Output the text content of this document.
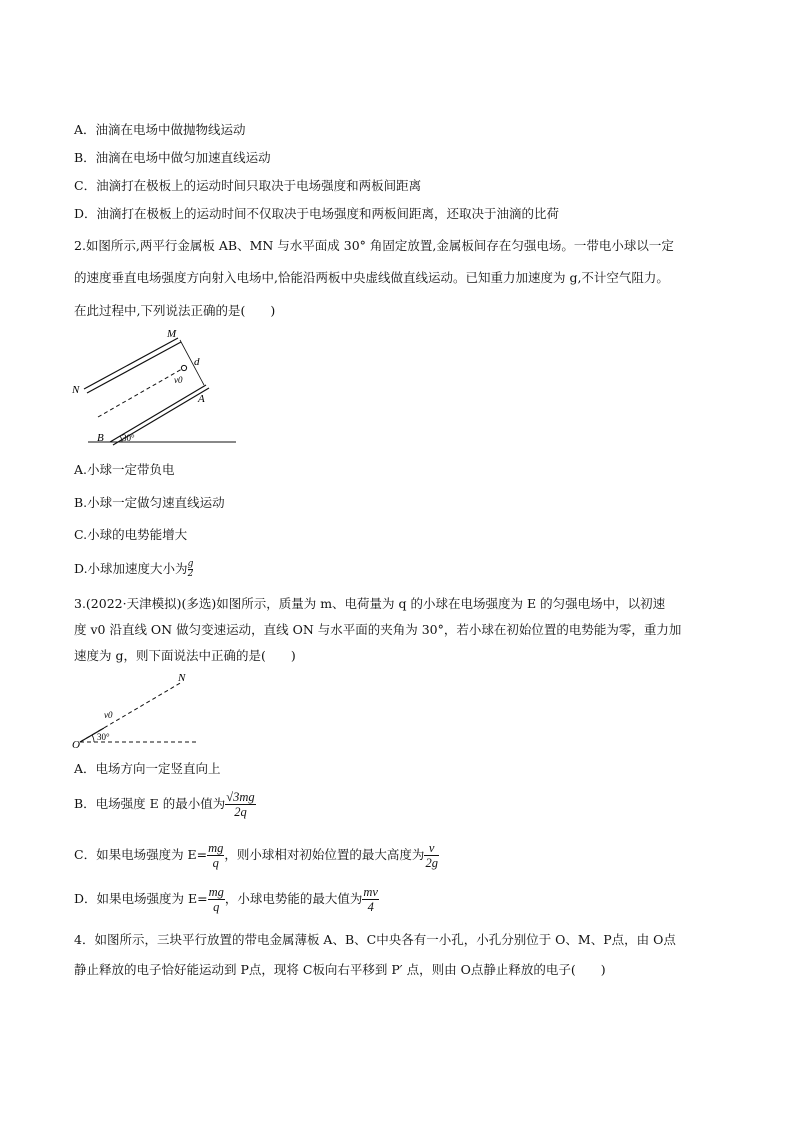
A．油滴在电场中做抛物线运动
B．油滴在电场中做匀加速直线运动
C．油滴打在极板上的运动时间只取决于电场强度和两板间距离
D．油滴打在极板上的运动时间不仅取决于电场强度和两板间距离，还取决于油滴的比荷
2.如图所示,两平行金属板 AB、MN 与水平面成 30° 角固定放置,金属板间存在匀强电场。一带电小球以一定
的速度垂直电场强度方向射入电场中,恰能沿两板中央虚线做直线运动。已知重力加速度为 g,不计空气阻力。
在此过程中,下列说法正确的是(　　)
M
N
d
v0
A
B 30°
A.小球一定带负电
B.小球一定做匀速直线运动
C.小球的电势能增大
D.小球加速度大小为 $\frac{g}{2}$
3.(2022·天津模拟)(多选)如图所示，质量为 m、电荷量为 q 的小球在电场强度为 E 的匀强电场中，以初速
度 v0 沿直线 ON 做匀变速运动，直线 ON 与水平面的夹角为 30°，若小球在初始位置的电势能为零，重力加
速度为 g，则下面说法中正确的是(　　)
O
N
v0
30°
A．电场方向一定竖直向上
B．电场强度 E 的最小值为 $\frac{√3mg}{2q}$
C．如果电场强度为 $E= \frac{mg}{q}$ ，则小球相对初始位置的最大高度为 $\frac{v}{2g}$
D．如果电场强度为 $E= \frac{mg}{q}$ ，小球电势能的最大值为 $\frac{mv}{4}$
4．如图所示，三块平行放置的带电金属薄板 A、B、C中央各有一小孔，小孔分别位于 O、M、P点，由 O点
静止释放的电子恰好能运动到 P点，现将 C板向右平移到 P′ 点，则由 O点静止释放的电子(　　)
